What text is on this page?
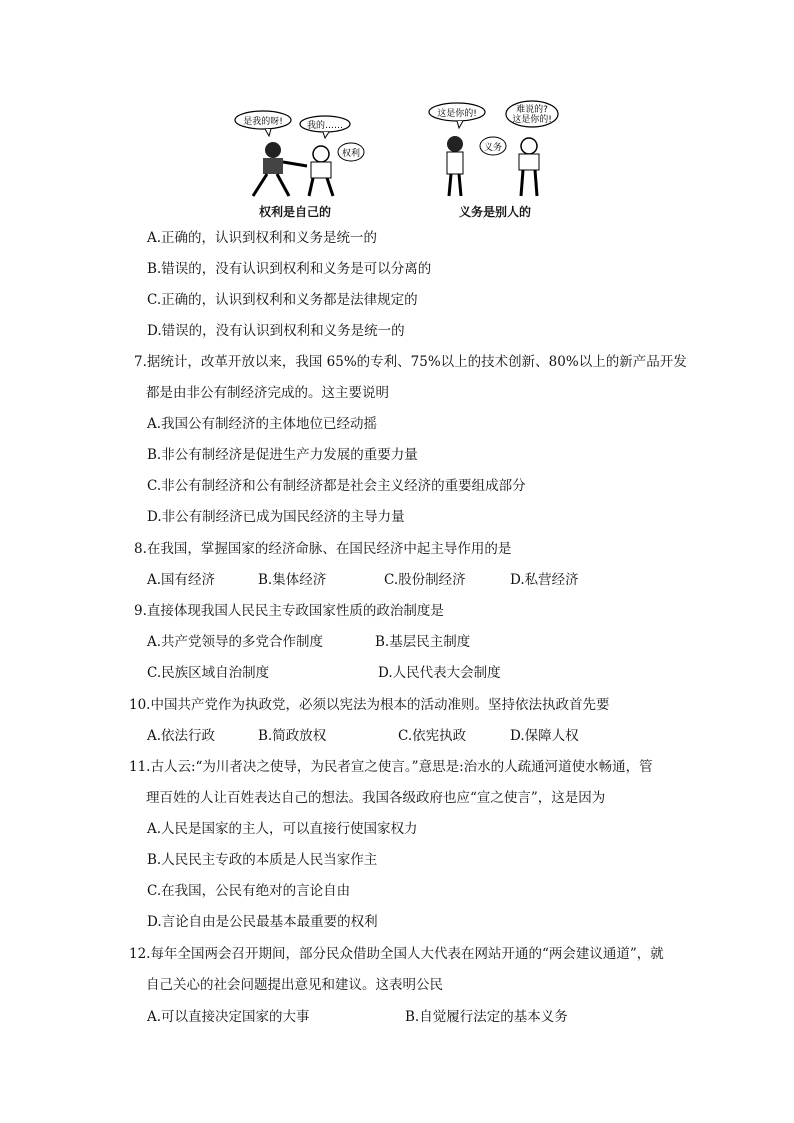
是我的呀!	我的……
权利
权利是自己的
这是你的!	难说的?
这是你的!
义务
义务是别人的
A.正确的，认识到权利和义务是统一的
B.错误的，没有认识到权利和义务是可以分离的
C.正确的，认识到权利和义务都是法律规定的
D.错误的，没有认识到权利和义务是统一的
7.据统计，改革开放以来，我国 65%的专利、75%以上的技术创新、80%以上的新产品开发
都是由非公有制经济完成的。这主要说明
A.我国公有制经济的主体地位已经动摇
B.非公有制经济是促进生产力发展的重要力量
C.非公有制经济和公有制经济都是社会主义经济的重要组成部分
D.非公有制经济已成为国民经济的主导力量
8.在我国，掌握国家的经济命脉、在国民经济中起主导作用的是
A.国有经济	B.集体经济	C.股份制经济	D.私营经济
9.直接体现我国人民民主专政国家性质的政治制度是
A.共产党领导的多党合作制度	B.基层民主制度
C.民族区域自治制度	D.人民代表大会制度
10.中国共产党作为执政党，必须以宪法为根本的活动准则。坚持依法执政首先要
A.依法行政	B.简政放权	C.依宪执政	D.保障人权
11.古人云:“为川者决之使导，为民者宣之使言。”意思是:治水的人疏通河道使水畅通，管
理百姓的人让百姓表达自己的想法。我国各级政府也应“宣之使言”，这是因为
A.人民是国家的主人，可以直接行使国家权力
B.人民民主专政的本质是人民当家作主
C.在我国，公民有绝对的言论自由
D.言论自由是公民最基本最重要的权利
12.每年全国两会召开期间，部分民众借助全国人大代表在网站开通的“两会建议通道”，就
自己关心的社会问题提出意见和建议。这表明公民
A.可以直接决定国家的大事	B.自觉履行法定的基本义务
